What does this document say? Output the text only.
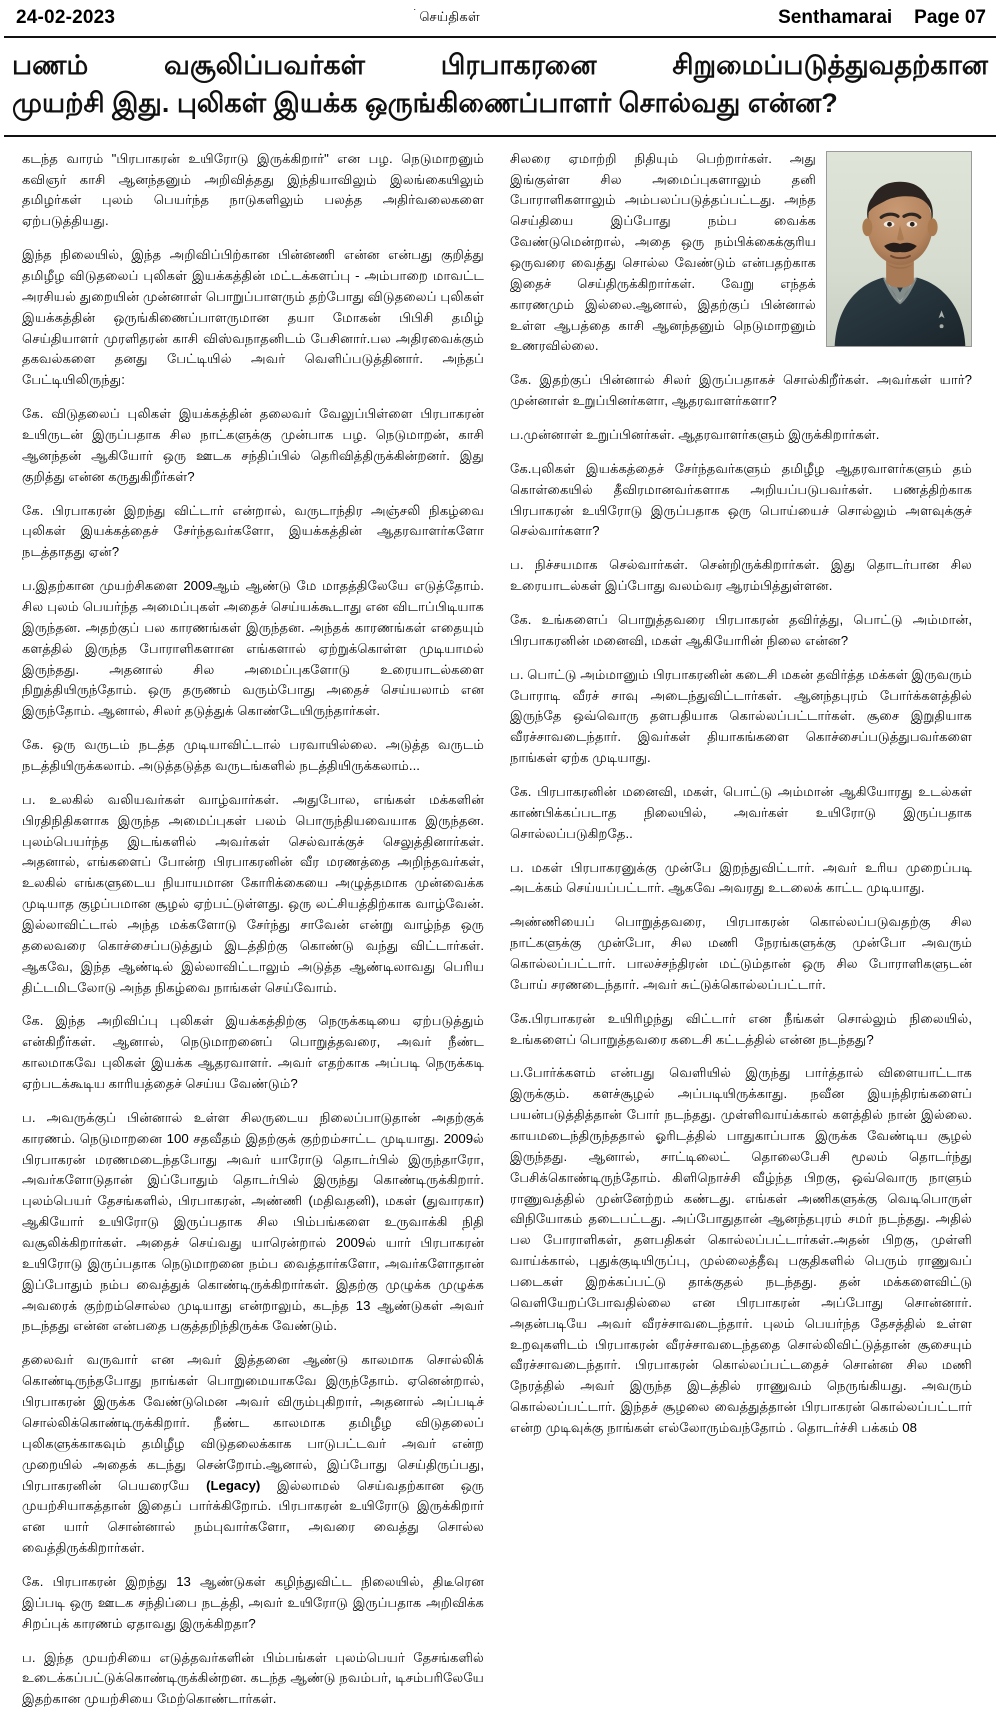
24-02-2023	˙ செய்திகள்	Senthamarai Page 07
பணம் வசூலிப்பவர்கள் பிரபாகரனை சிறுமைப்படுத்துவதற்கான
முயற்சி இது. புலிகள் இயக்க ஒருங்கிணைப்பாளர் சொல்வது என்ன?

கடந்த வாரம் "பிரபாகரன் உயிரோடு இருக்கிறார்" என பழ. நெடுமாறனும் கவிஞர் காசி ஆனந்தனும் அறிவித்தது இந்தியாவிலும் இலங்கையிலும் தமிழர்கள் புலம் பெயர்ந்த நாடுகளிலும் பலத்த அதிர்வலைகளை ஏற்படுத்தியது.

இந்த நிலையில், இந்த அறிவிப்பிற்கான பின்னணி என்ன என்பது குறித்து தமிழீழ விடுதலைப் புலிகள் இயக்கத்தின் மட்டக்களப்பு - அம்பாறை மாவட்ட அரசியல் துறையின் முன்னாள் பொறுப்பாளரும் தற்போது விடுதலைப் புலிகள் இயக்கத்தின் ஒருங்கிணைப்பாளருமான தயா மோகன் பிபிசி தமிழ் செய்தியாளர் முரளிதரன் காசி விஸ்வநாதனிடம் பேசினார்.பல அதிரவைக்கும் தகவல்களை தனது பேட்டியில் அவர் வெளிப்படுத்தினார். அந்தப் பேட்டியிலிருந்து:

கே. விடுதலைப் புலிகள் இயக்கத்தின் தலைவர் வேலுப்பிள்ளை பிரபாகரன் உயிருடன் இருப்பதாக சில நாட்களுக்கு முன்பாக பழ. நெடுமாறன், காசி ஆனந்தன் ஆகியோர் ஒரு ஊடக சந்திப்பில் தெரிவித்திருக்கின்றனர். இது குறித்து என்ன கருதுகிறீர்கள்?

கே. பிரபாகரன் இறந்து விட்டார் என்றால், வருடாந்திர அஞ்சலி நிகழ்வை புலிகள் இயக்கத்தைச் சேர்ந்தவர்களோ, இயக்கத்தின் ஆதரவாளர்களோ நடத்தாதது ஏன்?

ப.இதற்கான முயற்சிகளை 2009ஆம் ஆண்டு மே மாதத்திலேயே எடுத்தோம். சில புலம் பெயர்ந்த அமைப்புகள் அதைச் செய்யக்கூடாது என விடாப்பிடியாக இருந்தன. அதற்குப் பல காரணங்கள் இருந்தன. அந்தக் காரணங்கள் எதையும் களத்தில் இருந்த போராளிகளான எங்களால் ஏற்றுக்கொள்ள முடியாமல் இருந்தது. அதனால் சில அமைப்புகளோடு உரையாடல்களை நிறுத்தியிருந்தோம். ஒரு தருணம் வரும்போது அதைச் செய்யலாம் என இருந்தோம். ஆனால், சிலர் தடுத்துக் கொண்டேயிருந்தார்கள்.

கே. ஒரு வருடம் நடத்த முடியாவிட்டால் பரவாயில்லை. அடுத்த வருடம் நடத்தியிருக்கலாம். அடுத்தடுத்த வருடங்களில் நடத்தியிருக்கலாம்...

ப. உலகில் வலியவர்கள் வாழ்வார்கள். அதுபோல, எங்கள் மக்களின் பிரதிநிதிகளாக இருந்த அமைப்புகள் பலம் பொருந்தியவையாக இருந்தன. புலம்பெயர்ந்த இடங்களில் அவர்கள் செல்வாக்குச் செலுத்தினார்கள். அதனால், எங்களைப் போன்ற பிரபாகரனின் வீர மரணத்தை அறிந்தவர்கள், உலகில் எங்களுடைய நியாயமான கோரிக்கையை அழுத்தமாக முன்வைக்க முடியாத குழப்பமான சூழல் ஏற்பட்டுள்ளது. ஒரு லட்சியத்திற்காக வாழ்வேன். இல்லாவிட்டால் அந்த மக்களோடு சேர்ந்து சாவேன் என்று வாழ்ந்த ஒரு தலைவரை கொச்சைப்படுத்தும் இடத்திற்கு கொண்டு வந்து விட்டார்கள். ஆகவே, இந்த ஆண்டில் இல்லாவிட்டாலும் அடுத்த ஆண்டிலாவது பெரிய திட்டமிடலோடு அந்த நிகழ்வை நாங்கள் செய்வோம்.

கே. இந்த அறிவிப்பு புலிகள் இயக்கத்திற்கு நெருக்கடியை ஏற்படுத்தும் என்கிறீர்கள். ஆனால், நெடுமாறனைப் பொறுத்தவரை, அவர் நீண்ட காலமாகவே புலிகள் இயக்க ஆதரவாளர். அவர் எதற்காக அப்படி நெருக்கடி ஏற்படக்கூடிய காரியத்தைச் செய்ய வேண்டும்?

ப. அவருக்குப் பின்னால் உள்ள சிலருடைய நிலைப்பாடுதான் அதற்குக் காரணம். நெடுமாறனை 100 சதவீதம் இதற்குக் குற்றம்சாட்ட முடியாது. 2009ல் பிரபாகரன் மரணமடைந்தபோது அவர் யாரோடு தொடர்பில் இருந்தாரோ, அவர்களோடுதான் இப்போதும் தொடர்பில் இருந்து கொண்டிருக்கிறார். புலம்பெயர் தேசங்களில், பிரபாகரன், அண்ணி (மதிவதனி), மகள் (துவாரகா) ஆகியோர் உயிரோடு இருப்பதாக சில பிம்பங்களை உருவாக்கி நிதி வசூலிக்கிறார்கள். அதைச் செய்வது யாரென்றால் 2009ல் யார் பிரபாகரன் உயிரோடு இருப்பதாக நெடுமாறனை நம்ப வைத்தார்களோ, அவர்களோதான் இப்போதும் நம்ப வைத்துக் கொண்டிருக்கிறார்கள். இதற்கு முழுக்க முழுக்க அவரைக் குற்றம்சொல்ல முடியாது என்றாலும், கடந்த 13 ஆண்டுகள் அவர் நடந்தது என்ன என்பதை பகுத்தறிந்திருக்க வேண்டும்.

தலைவர் வருவார் என அவர் இத்தனை ஆண்டு காலமாக சொல்லிக் கொண்டிருந்தபோது நாங்கள் பொறுமையாகவே இருந்தோம். ஏனென்றால், பிரபாகரன் இருக்க வேண்டுமென அவர் விரும்புகிறார், அதனால் அப்படிச் சொல்லிக்கொண்டிருக்கிறார். நீண்ட காலமாக தமிழீழ விடுதலைப் புலிகளுக்காகவும் தமிழீழ விடுதலைக்காக பாடுபட்டவர் அவர் என்ற முறையில் அதைக் கடந்து சென்றோம்.ஆனால், இப்போது செய்திருப்பது, பிரபாகரனின் பெயரையே (Legacy) இல்லாமல் செய்வதற்கான ஒரு முயற்சியாகத்தான் இதைப் பார்க்கிறோம். பிரபாகரன் உயிரோடு இருக்கிறார் என யார் சொன்னால் நம்புவார்களோ, அவரை வைத்து சொல்ல வைத்திருக்கிறார்கள்.

கே. பிரபாகரன் இறந்து 13 ஆண்டுகள் கழிந்துவிட்ட நிலையில், திடீரென இப்படி ஒரு ஊடக சந்திப்பை நடத்தி, அவர் உயிரோடு இருப்பதாக அறிவிக்க சிறப்புக் காரணம் ஏதாவது இருக்கிறதா?

ப. இந்த முயற்சியை எடுத்தவர்களின் பிம்பங்கள் புலம்பெயர் தேசங்களில் உடைக்கப்பட்டுக்கொண்டிருக்கின்றன. கடந்த ஆண்டு நவம்பர், டிசம்பரிலேயே இதற்கான முயற்சியை மேற்கொண்டார்கள்.

சிலரை ஏமாற்றி நிதியும் பெற்றார்கள். அது இங்குள்ள சில அமைப்புகளாலும் தனி போராளிகளாலும் அம்பலப்படுத்தப்பட்டது. அந்த செய்தியை இப்போது நம்ப வைக்க வேண்டுமென்றால், அதை ஒரு நம்பிக்கைக்குரிய ஒருவரை வைத்து சொல்ல வேண்டும் என்பதற்காக இதைச் செய்திருக்கிறார்கள். வேறு எந்தக் காரணமும் இல்லை.ஆனால், இதற்குப் பின்னால் உள்ள ஆபத்தை காசி ஆனந்தனும் நெடுமாறனும் உணரவில்லை.

கே. இதற்குப் பின்னால் சிலர் இருப்பதாகச் சொல்கிறீர்கள். அவர்கள் யார்? முன்னாள் உறுப்பினர்களா, ஆதரவாளர்களா?

ப.முன்னாள் உறுப்பினர்கள். ஆதரவாளர்களும் இருக்கிறார்கள்.

கே.புலிகள் இயக்கத்தைச் சேர்ந்தவர்களும் தமிழீழ ஆதரவாளர்களும் தம் கொள்கையில் தீவிரமானவர்களாக அறியப்படுபவர்கள். பணத்திற்காக பிரபாகரன் உயிரோடு இருப்பதாக ஒரு பொய்யைச் சொல்லும் அளவுக்குச் செல்வார்களா?

ப. நிச்சயமாக செல்வார்கள். சென்றிருக்கிறார்கள். இது தொடர்பான சில உரையாடல்கள் இப்போது வலம்வர ஆரம்பித்துள்ளன.

கே. உங்களைப் பொறுத்தவரை பிரபாகரன் தவிர்த்து, பொட்டு அம்மான், பிரபாகரனின் மனைவி, மகள் ஆகியோரின் நிலை என்ன?

ப. பொட்டு அம்மானும் பிரபாகரனின் கடைசி மகன் தவிர்த்த மக்கள் இருவரும் போராடி வீரச் சாவு அடைந்துவிட்டார்கள். ஆனந்தபுரம் போர்க்களத்தில் இருந்தே ஒவ்வொரு தளபதியாக கொல்லப்பட்டார்கள். சூசை இறுதியாக வீரச்சாவடைந்தார். இவர்கள் தியாகங்களை கொச்சைப்படுத்துபவர்களை நாங்கள் ஏற்க முடியாது.

கே. பிரபாகரனின் மனைவி, மகள், பொட்டு அம்மான் ஆகியோரது உடல்கள் காண்பிக்கப்படாத நிலையில், அவர்கள் உயிரோடு இருப்பதாக சொல்லப்படுகிறதே..

ப. மகள் பிரபாகரனுக்கு முன்பே இறந்துவிட்டார். அவர் உரிய முறைப்படி அடக்கம் செய்யப்பட்டார். ஆகவே அவரது உடலைக் காட்ட முடியாது.

அண்ணியைப் பொறுத்தவரை, பிரபாகரன் கொல்லப்படுவதற்கு சில நாட்களுக்கு முன்போ, சில மணி நேரங்களுக்கு முன்போ அவரும் கொல்லப்பட்டார். பாலச்சந்திரன் மட்டும்தான் ஒரு சில போராளிகளுடன் போய் சரணடைந்தார். அவர் சுட்டுக்கொல்லப்பட்டார்.

கே.பிரபாகரன் உயிரிழந்து விட்டார் என நீங்கள் சொல்லும் நிலையில், உங்களைப் பொறுத்தவரை கடைசி கட்டத்தில் என்ன நடந்தது?

ப.போர்க்களம் என்பது வெளியில் இருந்து பார்த்தால் விளையாட்டாக இருக்கும். களச்சூழல் அப்படியிருக்காது. நவீன இயந்திரங்களைப் பயன்படுத்தித்தான் போர் நடந்தது. முள்ளிவாய்க்கால் களத்தில் நான் இல்லை. காயமடைந்திருந்ததால் ஓரிடத்தில் பாதுகாப்பாக இருக்க வேண்டிய சூழல் இருந்தது. ஆனால், சாட்டிலைட் தொலைபேசி மூலம் தொடர்ந்து பேசிக்கொண்டிருந்தோம். கிளிநொச்சி வீழ்ந்த பிறகு, ஒவ்வொரு நாளும் ராணுவத்தில் முன்னேற்றம் கண்டது. எங்கள் அணிகளுக்கு வெடிபொருள் விநியோகம் தடைபட்டது. அப்போதுதான் ஆனந்தபுரம் சமர் நடந்தது. அதில் பல போராளிகள், தளபதிகள் கொல்லப்பட்டார்கள்.அதன் பிறகு, முள்ளி வாய்க்கால், புதுக்குடியிருப்பு, முல்லைத்தீவு பகுதிகளில் பெரும் ராணுவப் படைகள் இறக்கப்பட்டு தாக்குதல் நடந்தது. தன் மக்களைவிட்டு வெளியேறப்போவதில்லை என பிரபாகரன் அப்போது சொன்னார். அதன்படியே அவர் வீரச்சாவடைந்தார். புலம் பெயர்ந்த தேசத்தில் உள்ள உறவுகளிடம் பிரபாகரன் வீரச்சாவடைந்ததை சொல்லிவிட்டுத்தான் சூசையும் வீரச்சாவடைந்தார். பிரபாகரன் கொல்லப்பட்டதைச் சொன்ன சில மணி நேரத்தில் அவர் இருந்த இடத்தில் ராணுவம் நெருங்கியது. அவரும் கொல்லப்பட்டார். இந்தச் சூழலை வைத்துத்தான் பிரபாகரன் கொல்லப்பட்டார் என்ற முடிவுக்கு நாங்கள் எல்லோரும்வந்தோம் . தொடர்ச்சி பக்கம் 08
